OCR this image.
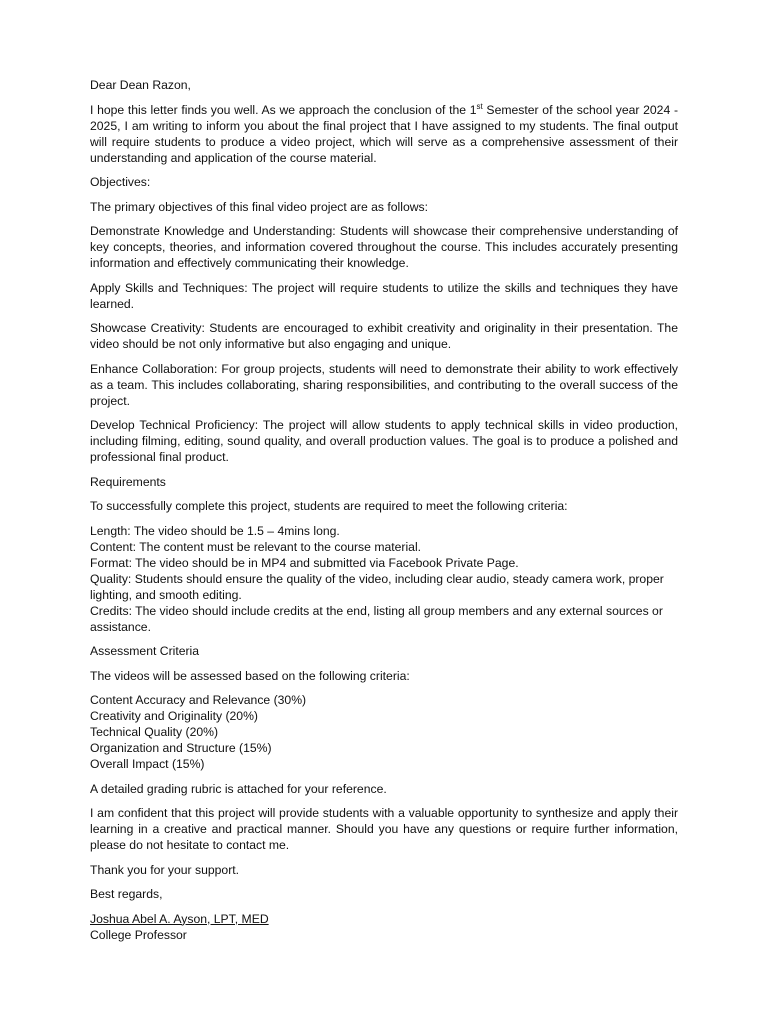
Dear Dean Razon,

I hope this letter finds you well. As we approach the conclusion of the 1st Semester of the school year 2024 - 2025, I am writing to inform you about the final project that I have assigned to my students. The final output will require students to produce a video project, which will serve as a comprehensive assessment of their understanding and application of the course material.

Objectives:

The primary objectives of this final video project are as follows:

Demonstrate Knowledge and Understanding: Students will showcase their comprehensive understanding of key concepts, theories, and information covered throughout the course. This includes accurately presenting information and effectively communicating their knowledge.

Apply Skills and Techniques: The project will require students to utilize the skills and techniques they have learned.

Showcase Creativity: Students are encouraged to exhibit creativity and originality in their presentation. The video should be not only informative but also engaging and unique.

Enhance Collaboration: For group projects, students will need to demonstrate their ability to work effectively as a team. This includes collaborating, sharing responsibilities, and contributing to the overall success of the project.

Develop Technical Proficiency: The project will allow students to apply technical skills in video production, including filming, editing, sound quality, and overall production values. The goal is to produce a polished and professional final product.

Requirements

To successfully complete this project, students are required to meet the following criteria:

Length: The video should be 1.5 – 4mins long.
Content: The content must be relevant to the course material.
Format: The video should be in MP4 and submitted via Facebook Private Page.
Quality: Students should ensure the quality of the video, including clear audio, steady camera work, proper lighting, and smooth editing.
Credits: The video should include credits at the end, listing all group members and any external sources or assistance.

Assessment Criteria

The videos will be assessed based on the following criteria:

Content Accuracy and Relevance (30%)
Creativity and Originality (20%)
Technical Quality (20%)
Organization and Structure (15%)
Overall Impact (15%)

A detailed grading rubric is attached for your reference.

I am confident that this project will provide students with a valuable opportunity to synthesize and apply their learning in a creative and practical manner. Should you have any questions or require further information, please do not hesitate to contact me.

Thank you for your support.

Best regards,

Joshua Abel A. Ayson, LPT, MED
College Professor
